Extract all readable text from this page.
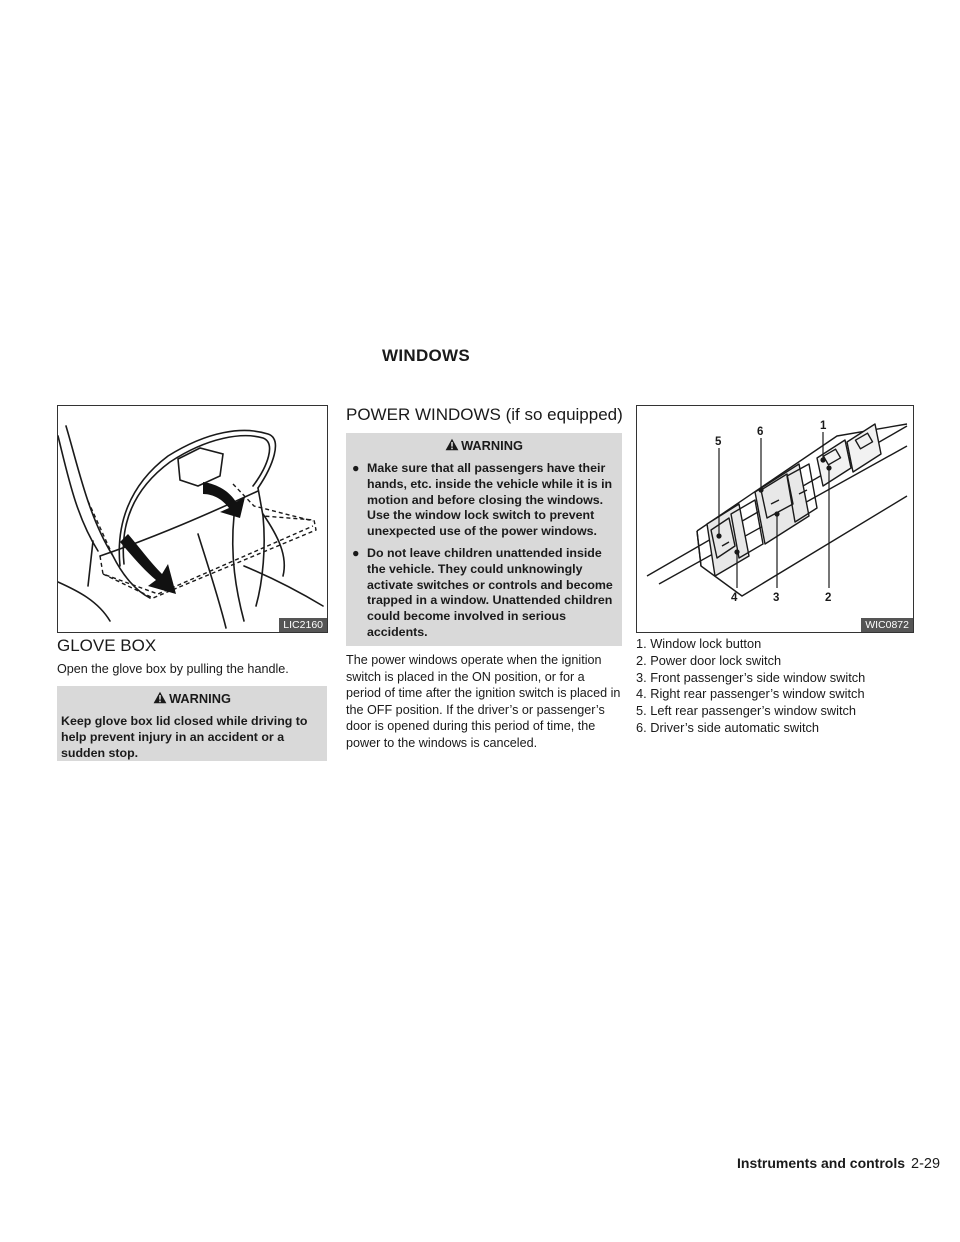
WINDOWS
LIC2160
GLOVE BOX
Open the glove box by pulling the handle.
WARNING
Keep glove box lid closed while driving to help prevent injury in an accident or a sudden stop.
POWER WINDOWS (if so equipped)
WARNING
● Make sure that all passengers have their hands, etc. inside the vehicle while it is in motion and before closing the windows. Use the window lock switch to prevent unexpected use of the power windows.
● Do not leave children unattended inside the vehicle. They could unknowingly activate switches or controls and become trapped in a window. Unattended children could become involved in serious accidents.
The power windows operate when the ignition switch is placed in the ON position, or for a period of time after the ignition switch is placed in the OFF position. If the driver’s or passenger’s door is opened during this period of time, the power to the windows is canceled.
1
2
3
4
5
6
WIC0872
1. Window lock button
2. Power door lock switch
3. Front passenger’s side window switch
4. Right rear passenger’s window switch
5. Left rear passenger’s window switch
6. Driver’s side automatic switch
Instruments and controls 2-29
